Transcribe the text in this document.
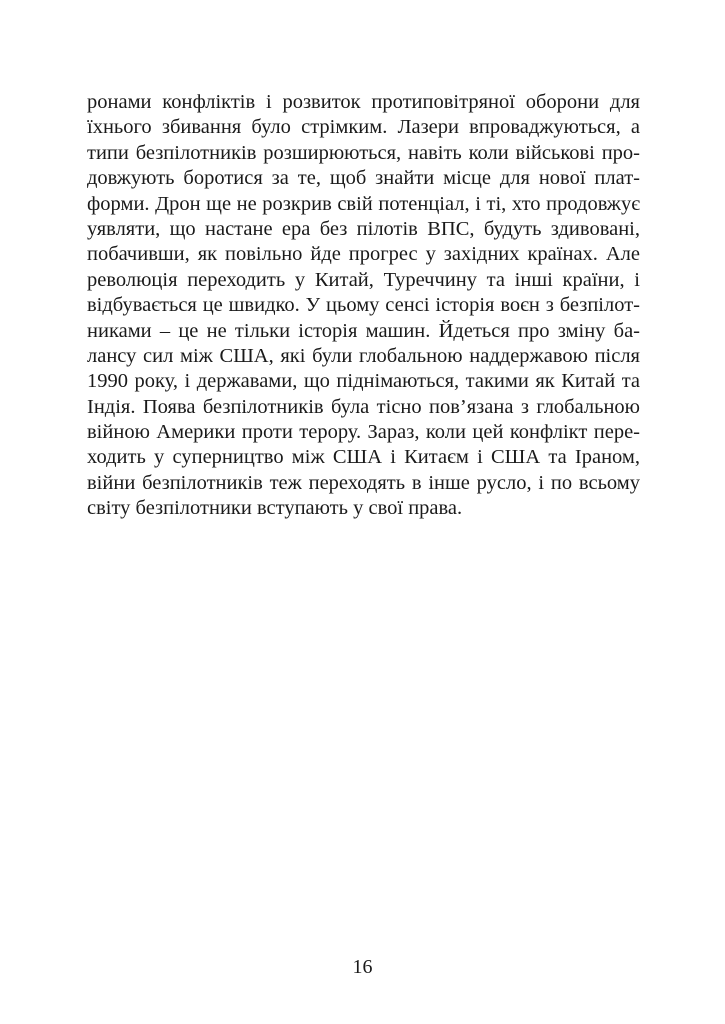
ронами конфліктів і розвиток протиповітряної оборони для
їхнього збивання було стрімким. Лазери впроваджуються, а
типи безпілотників розширюються, навіть коли військові про-
довжують боротися за те, щоб знайти місце для нової плат-
форми. Дрон ще не розкрив свій потенціал, і ті, хто продовжує
уявляти, що настане ера без пілотів ВПС, будуть здивовані,
побачивши, як повільно йде прогрес у західних країнах. Але
революція переходить у Китай, Туреччину та інші країни, і
відбувається це швидко. У цьому сенсі історія воєн з безпілот-
никами – це не тільки історія машин. Йдеться про зміну ба-
лансу сил між США, які були глобальною наддержавою після
1990 року, і державами, що піднімаються, такими як Китай та
Індія. Поява безпілотників була тісно пов’язана з глобальною
війною Америки проти терору. Зараз, коли цей конфлікт пере-
ходить у суперництво між США і Китаєм і США та Іраном,
війни безпілотників теж переходять в інше русло, і по всьому
світу безпілотники вступають у свої права.
16
